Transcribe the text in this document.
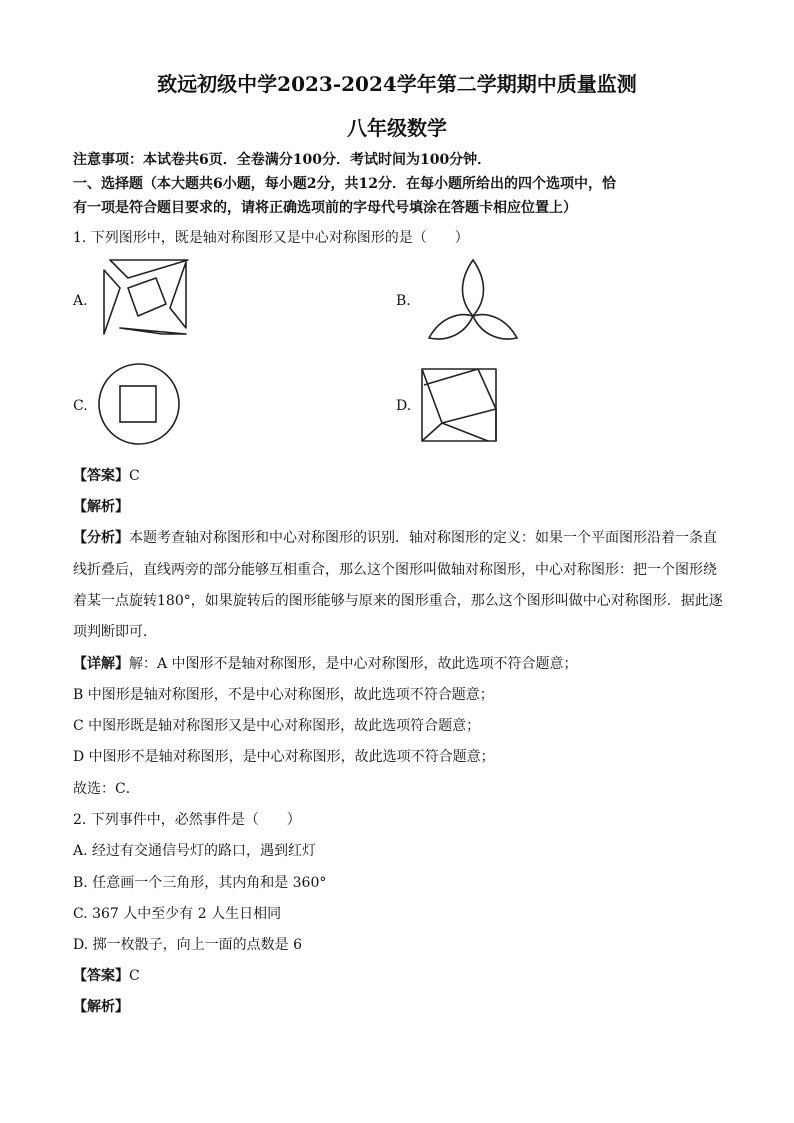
致远初级中学2023-2024学年第二学期期中质量监测
八年级数学
注意事项：本试卷共6页．全卷满分100分．考试时间为100分钟．
一、选择题（本大题共6小题，每小题2分，共12分．在每小题所给出的四个选项中，恰
有一项是符合题目要求的，请将正确选项前的字母代号填涂在答题卡相应位置上）
1. 下列图形中，既是轴对称图形又是中心对称图形的是（　　）
A.	B.
C.	D.
【答案】C
【解析】
【分析】本题考查轴对称图形和中心对称图形的识别．轴对称图形的定义：如果一个平面图形沿着一条直
线折叠后，直线两旁的部分能够互相重合，那么这个图形叫做轴对称图形，中心对称图形：把一个图形绕
着某一点旋转180°，如果旋转后的图形能够与原来的图形重合，那么这个图形叫做中心对称图形．据此逐
项判断即可．
【详解】解：A 中图形不是轴对称图形，是中心对称图形，故此选项不符合题意；
B 中图形是轴对称图形，不是中心对称图形，故此选项不符合题意；
C 中图形既是轴对称图形又是中心对称图形，故此选项符合题意；
D 中图形不是轴对称图形，是中心对称图形，故此选项不符合题意；
故选：C．
2. 下列事件中，必然事件是（　　）
A. 经过有交通信号灯的路口，遇到红灯
B. 任意画一个三角形，其内角和是 360°
C. 367 人中至少有 2 人生日相同
D. 掷一枚骰子，向上一面的点数是 6
【答案】C
【解析】
